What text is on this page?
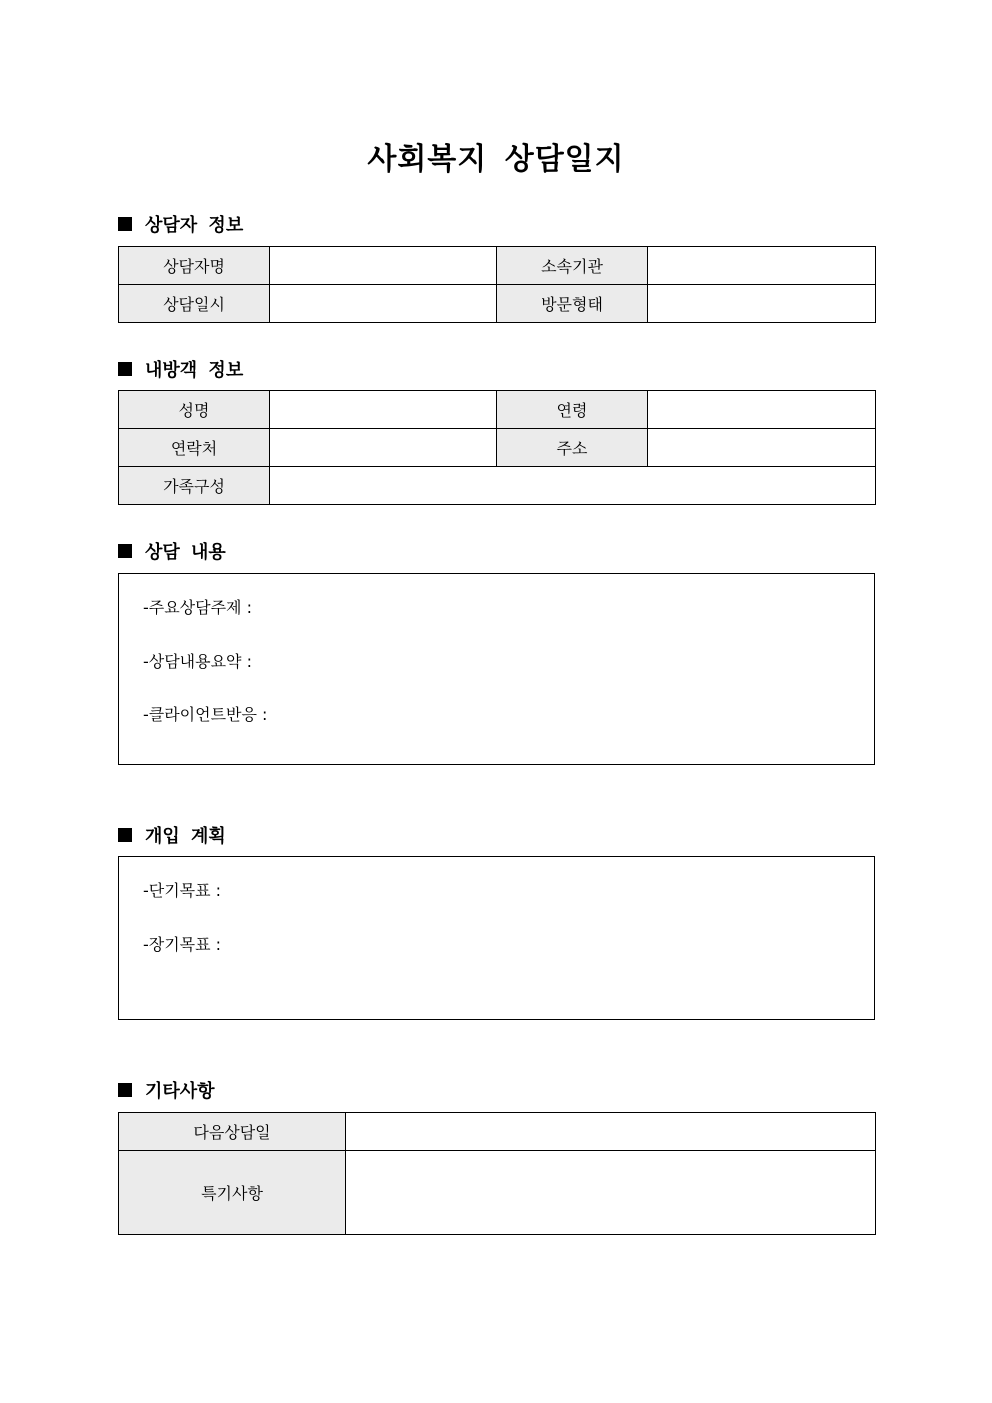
사회복지 상담일지
상담자 정보
상담자명		소속기관	
상담일시		방문형태	
내방객 정보
성명		연령	
연락처		주소	
가족구성			
상담 내용
-주요상담주제 :
-상담내용요약 :
-클라이언트반응 :
개입 계획
-단기목표 :
-장기목표 :
기타사항
다음상담일	
특기사항	
